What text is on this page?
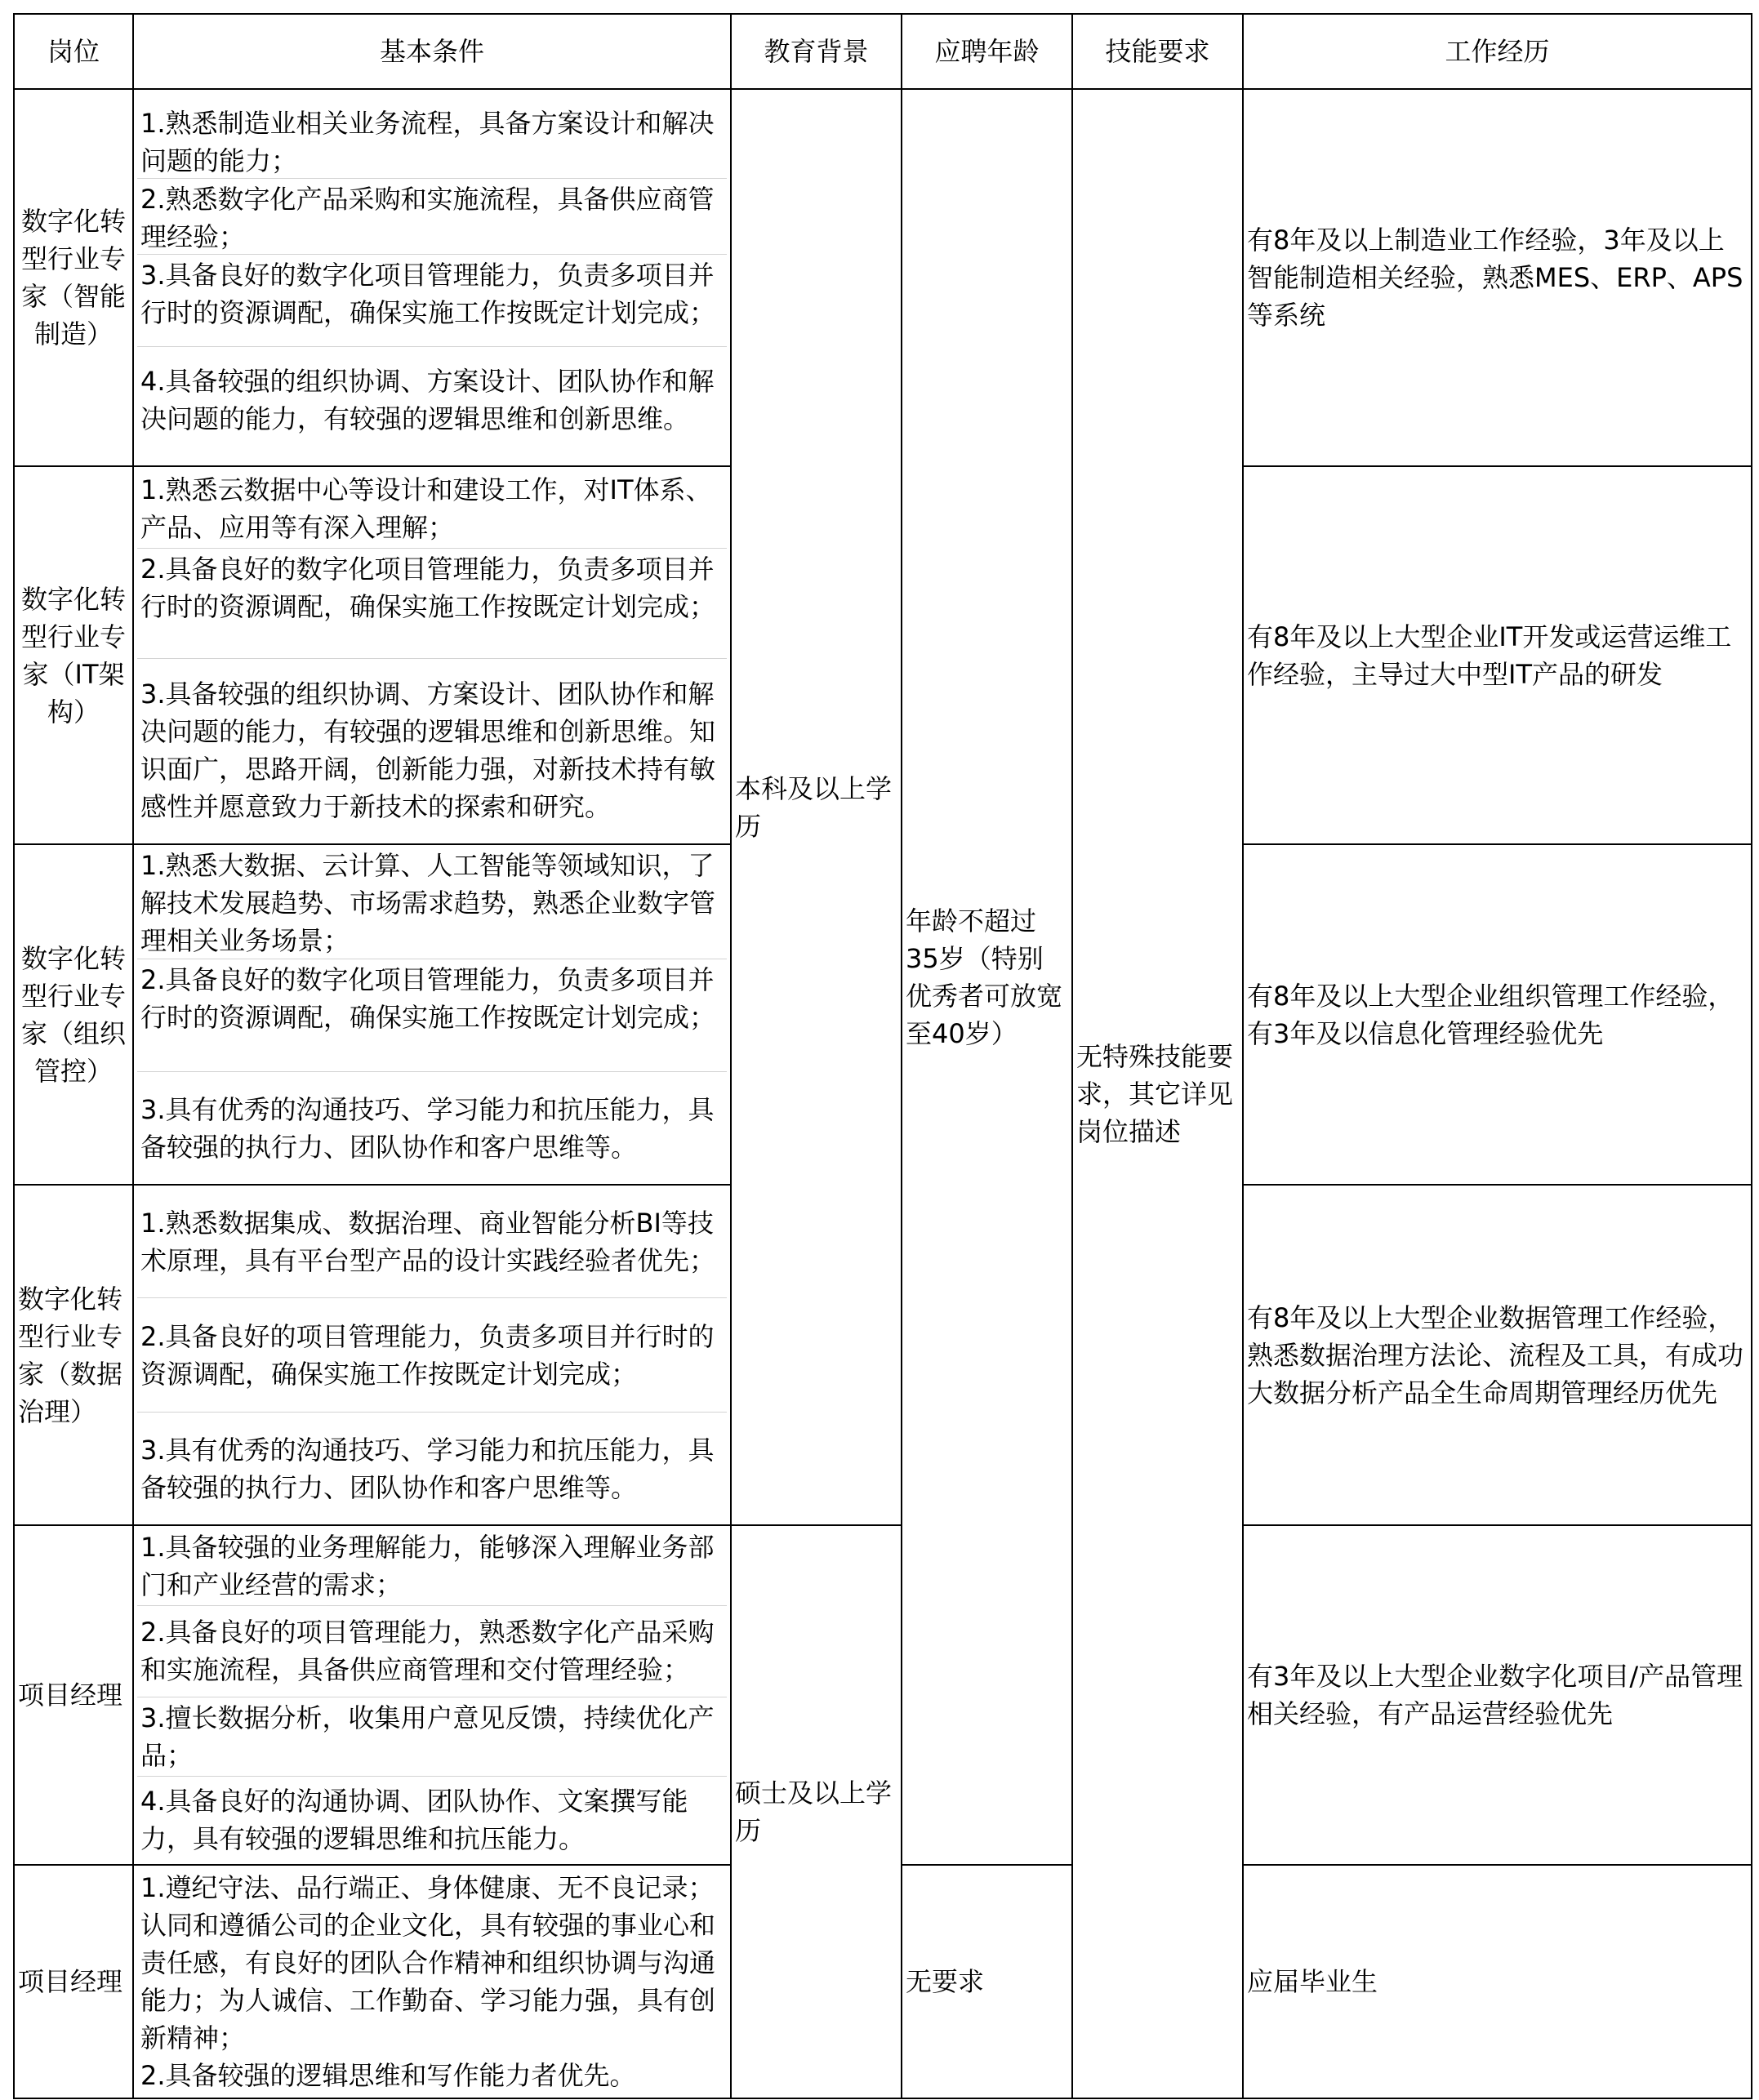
岗位	基本条件	教育背景	应聘年龄	技能要求	工作经历
数字化转型行业专家（智能制造）	1.熟悉制造业相关业务流程，具备方案设计和解决问题的能力；
2.熟悉数字化产品采购和实施流程，具备供应商管理经验；
3.具备良好的数字化项目管理能力，负责多项目并行时的资源调配，确保实施工作按既定计划完成；
4.具备较强的组织协调、方案设计、团队协作和解决问题的能力，有较强的逻辑思维和创新思维。	本科及以上学历	年龄不超过35岁（特别优秀者可放宽至40岁）	无特殊技能要求，其它详见岗位描述	有8年及以上制造业工作经验，3年及以上智能制造相关经验，熟悉MES、ERP、APS等系统
数字化转型行业专家（IT架构）	1.熟悉云数据中心等设计和建设工作，对IT体系、产品、应用等有深入理解；
2.具备良好的数字化项目管理能力，负责多项目并行时的资源调配，确保实施工作按既定计划完成；
3.具备较强的组织协调、方案设计、团队协作和解决问题的能力，有较强的逻辑思维和创新思维。知识面广，思路开阔，创新能力强，对新技术持有敏感性并愿意致力于新技术的探索和研究。				有8年及以上大型企业IT开发或运营运维工作经验，主导过大中型IT产品的研发
数字化转型行业专家（组织管控）	1.熟悉大数据、云计算、人工智能等领域知识，了解技术发展趋势、市场需求趋势，熟悉企业数字管理相关业务场景；
2.具备良好的数字化项目管理能力，负责多项目并行时的资源调配，确保实施工作按既定计划完成；
3.具有优秀的沟通技巧、学习能力和抗压能力，具备较强的执行力、团队协作和客户思维等。				有8年及以上大型企业组织管理工作经验，有3年及以信息化管理经验优先
数字化转型行业专家（数据治理）	1.熟悉数据集成、数据治理、商业智能分析BI等技术原理，具有平台型产品的设计实践经验者优先；
2.具备良好的项目管理能力，负责多项目并行时的资源调配，确保实施工作按既定计划完成；
3.具有优秀的沟通技巧、学习能力和抗压能力，具备较强的执行力、团队协作和客户思维等。				有8年及以上大型企业数据管理工作经验，熟悉数据治理方法论、流程及工具，有成功大数据分析产品全生命周期管理经历优先
项目经理	1.具备较强的业务理解能力，能够深入理解业务部门和产业经营的需求；
2.具备良好的项目管理能力，熟悉数字化产品采购和实施流程，具备供应商管理和交付管理经验；
3.擅长数据分析，收集用户意见反馈，持续优化产品；
4.具备良好的沟通协调、团队协作、文案撰写能力，具有较强的逻辑思维和抗压能力。	硕士及以上学历			有3年及以上大型企业数字化项目/产品管理相关经验，有产品运营经验优先
项目经理	1.遵纪守法、品行端正、身体健康、无不良记录；认同和遵循公司的企业文化，具有较强的事业心和责任感，有良好的团队合作精神和组织协调与沟通能力；为人诚信、工作勤奋、学习能力强，具有创新精神；
2.具备较强的逻辑思维和写作能力者优先。		无要求		应届毕业生
